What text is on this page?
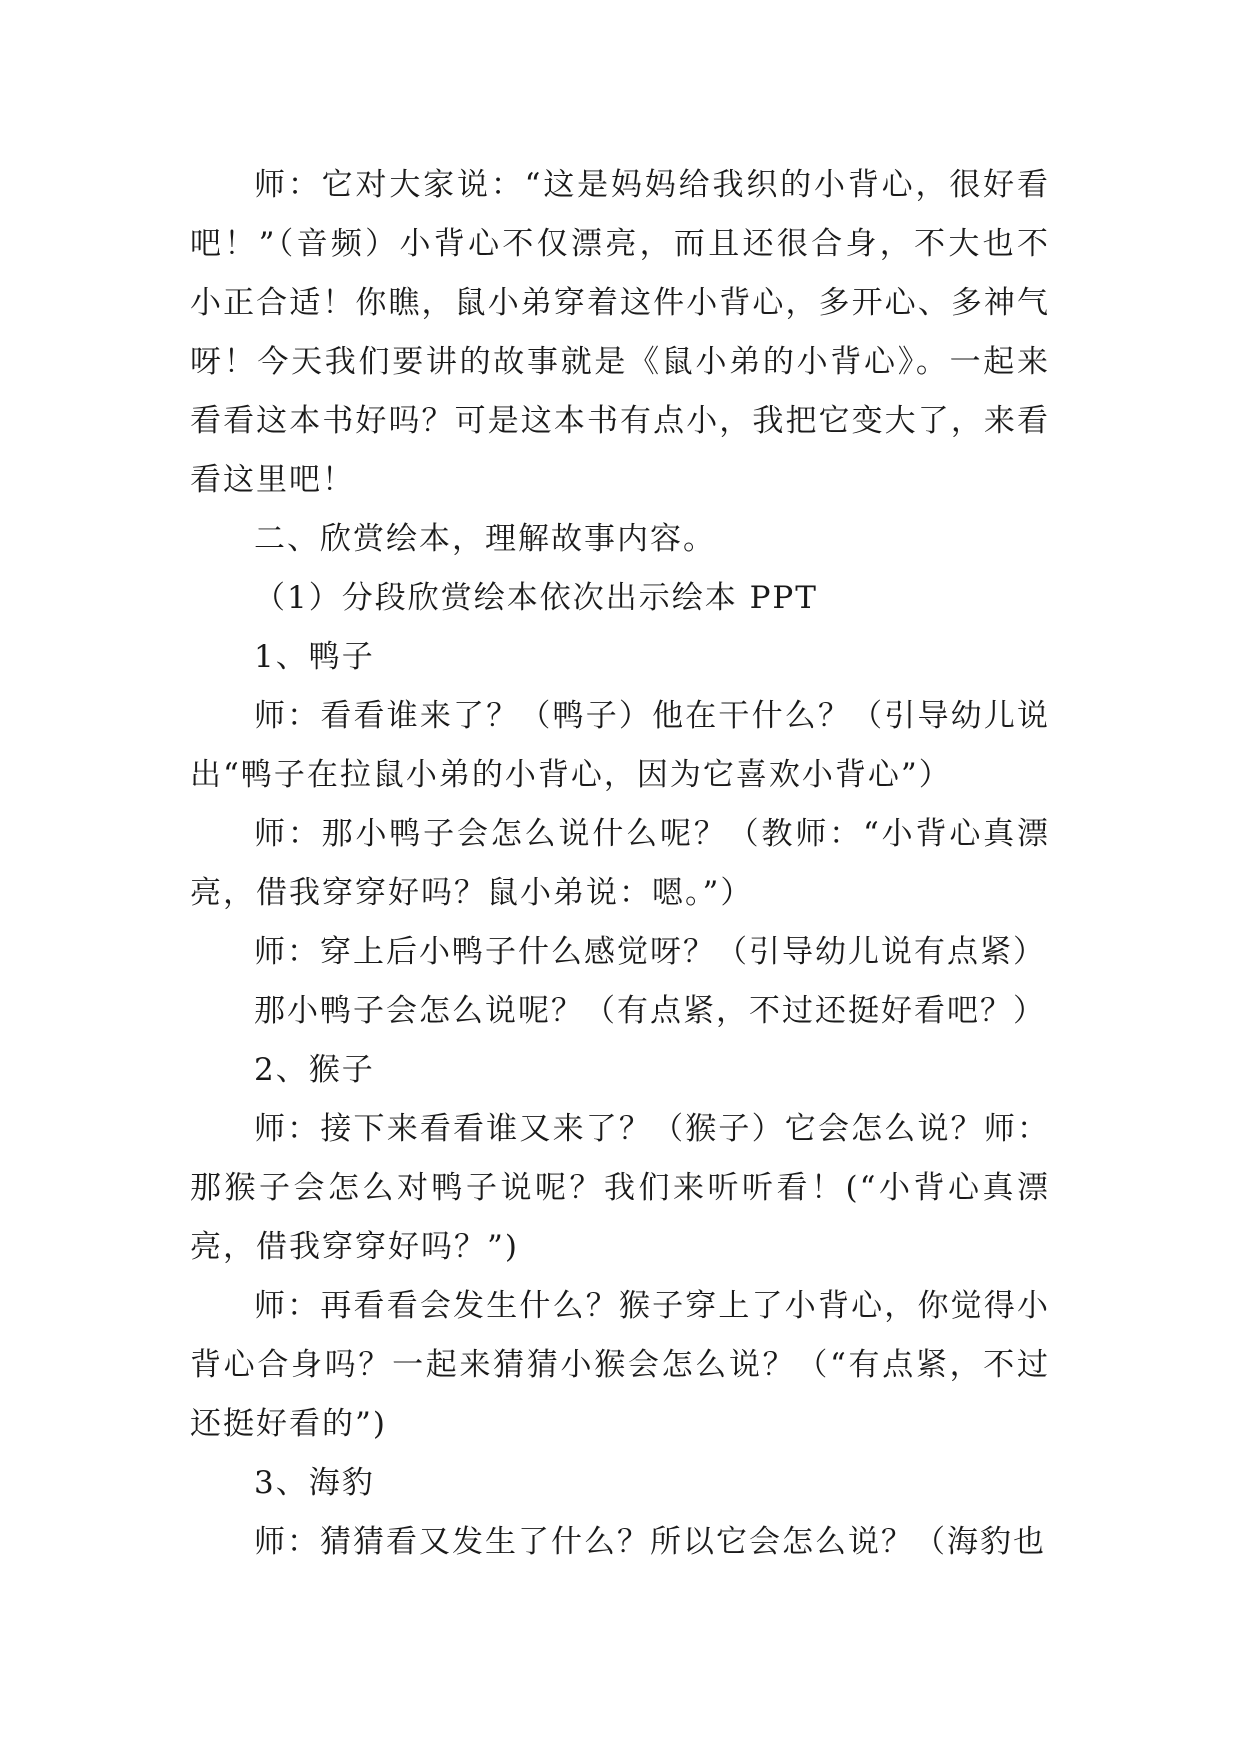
师：它对大家说：“这是妈妈给我织的小背心，很好看吧！”（音频）小背心不仅漂亮，而且还很合身，不大也不小正合适！你瞧，鼠小弟穿着这件小背心，多开心、多神气呀！今天我们要讲的故事就是《鼠小弟的小背心》。一起来看看这本书好吗？可是这本书有点小，我把它变大了，来看看这里吧！

二、欣赏绘本，理解故事内容。

（1）分段欣赏绘本依次出示绘本 PPT

1、鸭子

师：看看谁来了？（鸭子）他在干什么？（引导幼儿说出“鸭子在拉鼠小弟的小背心，因为它喜欢小背心”）

师：那小鸭子会怎么说什么呢？（教师：“小背心真漂亮，借我穿穿好吗？鼠小弟说：嗯。”）

师：穿上后小鸭子什么感觉呀？（引导幼儿说有点紧）

那小鸭子会怎么说呢？（有点紧，不过还挺好看吧？）

2、猴子

师：接下来看看谁又来了？（猴子）它会怎么说？师：那猴子会怎么对鸭子说呢？我们来听听看！(“小背心真漂亮，借我穿穿好吗？”)

师：再看看会发生什么？猴子穿上了小背心，你觉得小背心合身吗？一起来猜猜小猴会怎么说？（“有点紧，不过还挺好看的”)

3、海豹

师：猜猜看又发生了什么？所以它会怎么说？（海豹也
